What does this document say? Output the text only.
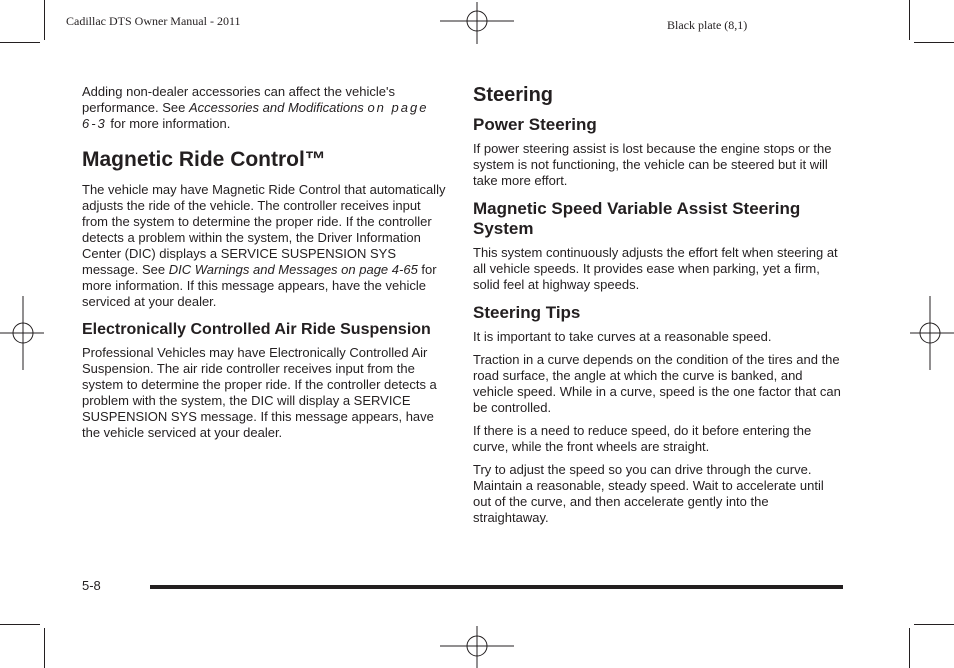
Cadillac DTS Owner Manual - 2011	Black plate (8,1)

Adding non-dealer accessories can affect the vehicle's performance. See Accessories and Modifications on page 6-3 for more information.

Magnetic Ride Control™

The vehicle may have Magnetic Ride Control that automatically adjusts the ride of the vehicle. The controller receives input from the system to determine the proper ride. If the controller detects a problem within the system, the Driver Information Center (DIC) displays a SERVICE SUSPENSION SYS message. See DIC Warnings and Messages on page 4-65 for more information. If this message appears, have the vehicle serviced at your dealer.

Electronically Controlled Air Ride Suspension

Professional Vehicles may have Electronically Controlled Air Suspension. The air ride controller receives input from the system to determine the proper ride. If the controller detects a problem with the system, the DIC will display a SERVICE SUSPENSION SYS message. If this message appears, have the vehicle serviced at your dealer.

Steering
Power Steering

If power steering assist is lost because the engine stops or the system is not functioning, the vehicle can be steered but it will take more effort.

Magnetic Speed Variable Assist Steering System

This system continuously adjusts the effort felt when steering at all vehicle speeds. It provides ease when parking, yet a firm, solid feel at highway speeds.

Steering Tips

It is important to take curves at a reasonable speed.

Traction in a curve depends on the condition of the tires and the road surface, the angle at which the curve is banked, and vehicle speed. While in a curve, speed is the one factor that can be controlled.

If there is a need to reduce speed, do it before entering the curve, while the front wheels are straight.

Try to adjust the speed so you can drive through the curve. Maintain a reasonable, steady speed. Wait to accelerate until out of the curve, and then accelerate gently into the straightaway.

5-8
